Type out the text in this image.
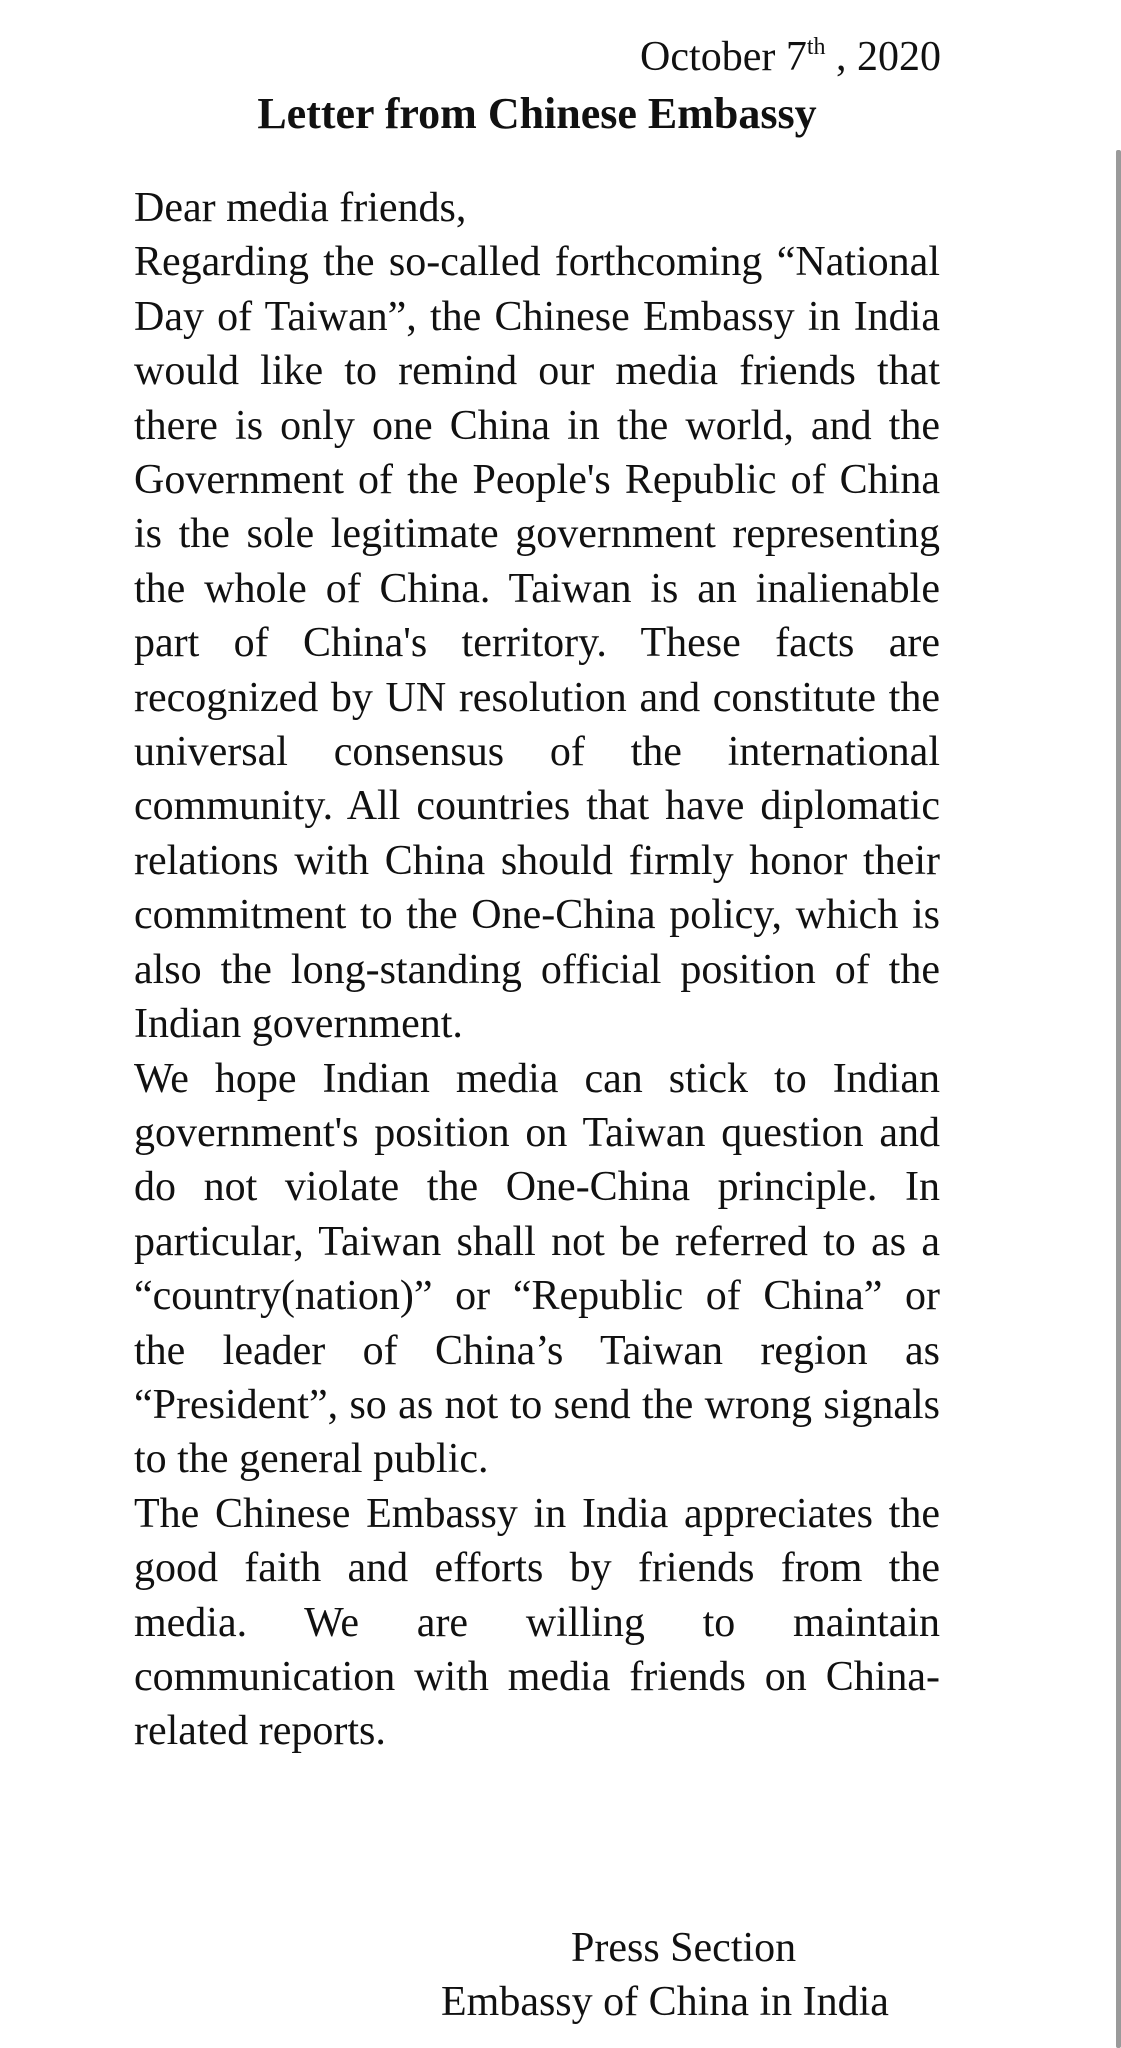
October 7th , 2020
Letter from Chinese Embassy

Dear media friends,

Regarding the so-called forthcoming “National Day of Taiwan”, the Chinese Embassy in India would like to remind our media friends that there is only one China in the world, and the Government of the People's Republic of China is the sole legitimate government representing the whole of China. Taiwan is an inalienable part of China's territory. These facts are recognized by UN resolution and constitute the universal consensus of the international community. All countries that have diplomatic relations with China should firmly honor their commitment to the One-China policy, which is also the long-standing official position of the Indian government.

We hope Indian media can stick to Indian government's position on Taiwan question and do not violate the One-China principle. In particular, Taiwan shall not be referred to as a “country(nation)” or “Republic of China” or the leader of China’s Taiwan region as “President”, so as not to send the wrong signals to the general public.

The Chinese Embassy in India appreciates the good faith and efforts by friends from the media. We are willing to maintain communication with media friends on China-related reports.

Press Section
Embassy of China in India
